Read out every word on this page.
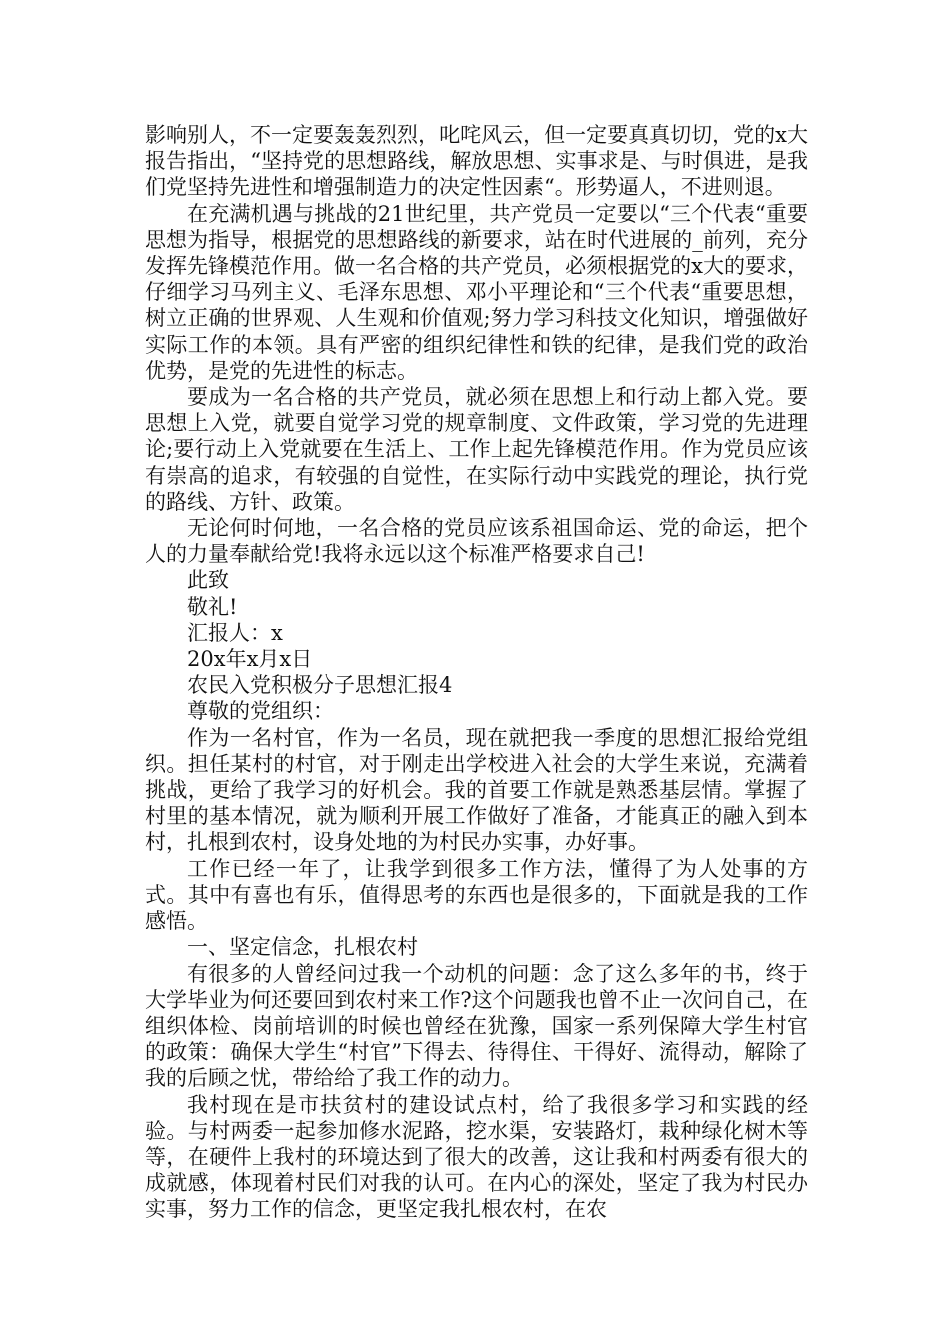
影响别人，不一定要轰轰烈烈，叱咤风云，但一定要真真切切，党的x大报告指出，“坚持党的思想路线，解放思想、实事求是、与时俱进，是我们党坚持先进性和增强制造力的决定性因素“。形势逼人，不进则退。

在充满机遇与挑战的21世纪里，共产党员一定要以“三个代表“重要思想为指导，根据党的思想路线的新要求，站在时代进展的_前列，充分发挥先锋模范作用。做一名合格的共产党员，必须根据党的x大的要求，仔细学习马列主义、毛泽东思想、邓小平理论和“三个代表“重要思想，树立正确的世界观、人生观和价值观;努力学习科技文化知识，增强做好实际工作的本领。具有严密的组织纪律性和铁的纪律，是我们党的政治优势，是党的先进性的标志。

要成为一名合格的共产党员，就必须在思想上和行动上都入党。要思想上入党，就要自觉学习党的规章制度、文件政策，学习党的先进理论;要行动上入党就要在生活上、工作上起先锋模范作用。作为党员应该有崇高的追求，有较强的自觉性，在实际行动中实践党的理论，执行党的路线、方针、政策。

无论何时何地，一名合格的党员应该系祖国命运、党的命运，把个人的力量奉献给党!我将永远以这个标准严格要求自己!

此致

敬礼!

汇报人：x

20x年x月x日

农民入党积极分子思想汇报4

尊敬的党组织：

作为一名村官，作为一名员，现在就把我一季度的思想汇报给党组织。担任某村的村官，对于刚走出学校进入社会的大学生来说，充满着挑战，更给了我学习的好机会。我的首要工作就是熟悉基层情。掌握了村里的基本情况，就为顺利开展工作做好了准备，才能真正的融入到本村，扎根到农村，设身处地的为村民办实事，办好事。

工作已经一年了，让我学到很多工作方法，懂得了为人处事的方式。其中有喜也有乐，值得思考的东西也是很多的，下面就是我的工作感悟。

一、坚定信念，扎根农村

有很多的人曾经问过我一个动机的问题：念了这么多年的书，终于大学毕业为何还要回到农村来工作?这个问题我也曾不止一次问自己，在组织体检、岗前培训的时候也曾经在犹豫，国家一系列保障大学生村官的政策：确保大学生“村官”下得去、待得住、干得好、流得动，解除了我的后顾之忧，带给给了我工作的动力。

我村现在是市扶贫村的建设试点村，给了我很多学习和实践的经验。与村两委一起参加修水泥路，挖水渠，安装路灯，栽种绿化树木等等，在硬件上我村的环境达到了很大的改善，这让我和村两委有很大的成就感，体现着村民们对我的认可。在内心的深处，坚定了我为村民办实事，努力工作的信念，更坚定我扎根农村，在农
